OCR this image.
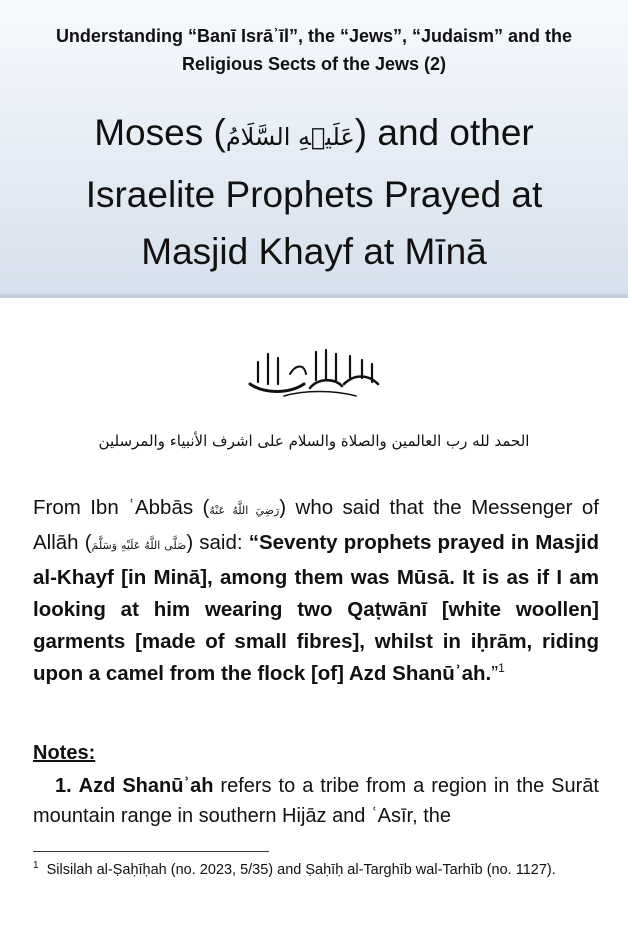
Understanding “Banī Isrāʾīl”, the “Jews”, “Judaism” and the Religious Sects of the Jews (2)
Moses (عَلَيۡهِ السَّلَامُ) and other
Israelite Prophets Prayed at
Masjid Khayf at Mīnā
الحمد لله رب العالمين والصلاة والسلام على اشرف الأنبياء والمرسلين
From Ibn ʿAbbās (رَضِيَ اللَّهُ عَنْهُ) who said that the Messenger of Allāh (صَلَّى اللَّهُ عَلَيْهِ وَسَلَّمَ) said: “Seventy prophets prayed in Masjid al-Khayf [in Minā], among them was Mūsā. It is as if I am looking at him wearing two Qaṭwānī [white woollen] garments [made of small fibres], whilst in iḥrām, riding upon a camel from the flock [of] Azd Shanūʾah.”$^1$
Notes:
1. Azd Shanūʾah refers to a tribe from a region in the Surāt mountain range in southern Hijāz and ʿAsīr, the
$^1$ Silsilah al-Ṣaḥīḥah (no. 2023, 5/35) and Ṣaḥīḥ al-Targhīb wal-Tarhīb (no. 1127).
